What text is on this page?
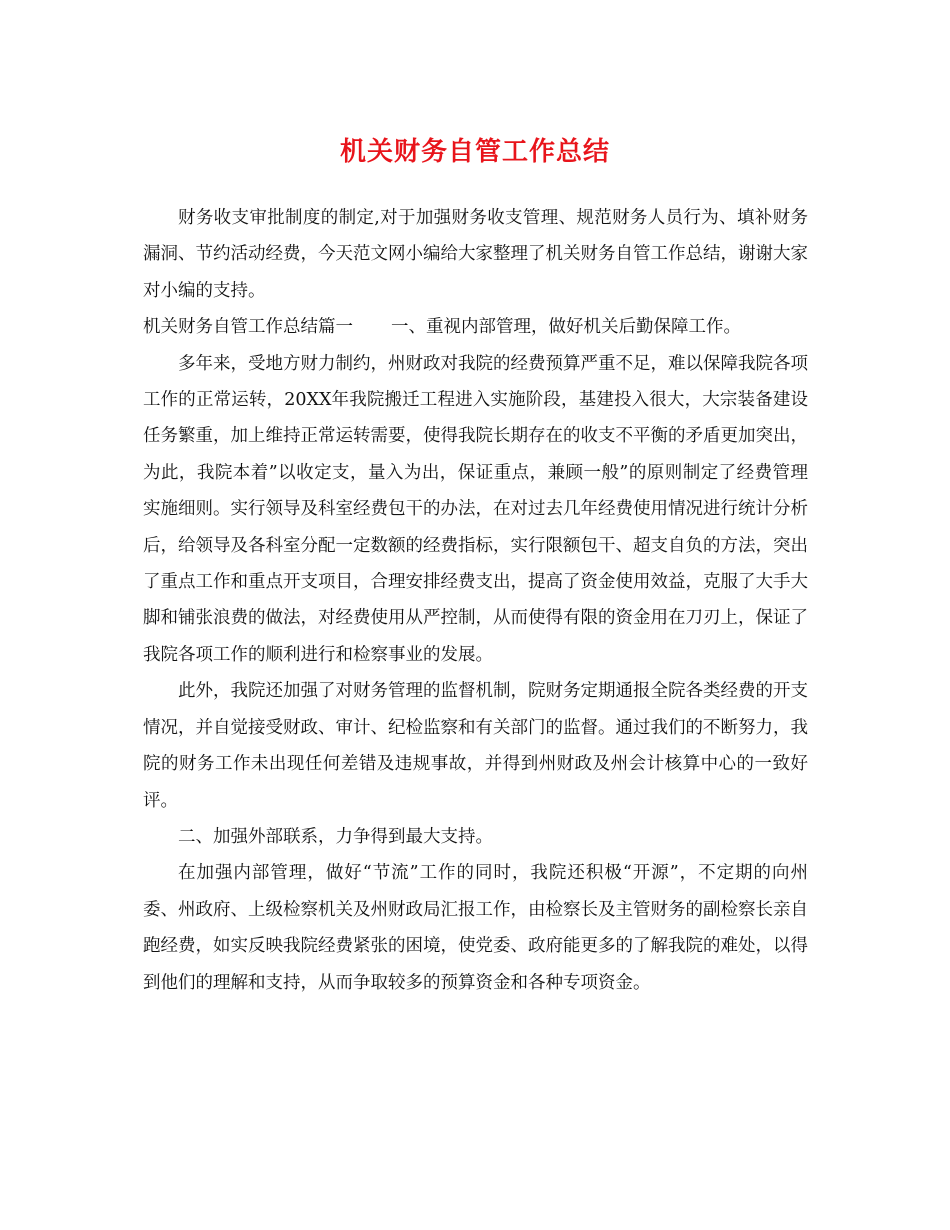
机关财务自管工作总结

财务收支审批制度的制定,对于加强财务收支管理、规范财务人员行为、填补财务漏洞、节约活动经费，今天范文网小编给大家整理了机关财务自管工作总结，谢谢大家对小编的支持。

机关财务自管工作总结篇一 一、重视内部管理，做好机关后勤保障工作。

多年来，受地方财力制约，州财政对我院的经费预算严重不足，难以保障我院各项工作的正常运转，20XX年我院搬迁工程进入实施阶段，基建投入很大，大宗装备建设任务繁重，加上维持正常运转需要，使得我院长期存在的收支不平衡的矛盾更加突出，为此，我院本着”以收定支，量入为出，保证重点，兼顾一般”的原则制定了经费管理实施细则。实行领导及科室经费包干的办法，在对过去几年经费使用情况进行统计分析后，给领导及各科室分配一定数额的经费指标，实行限额包干、超支自负的方法，突出了重点工作和重点开支项目，合理安排经费支出，提高了资金使用效益，克服了大手大脚和铺张浪费的做法，对经费使用从严控制，从而使得有限的资金用在刀刃上，保证了我院各项工作的顺利进行和检察事业的发展。

此外，我院还加强了对财务管理的监督机制，院财务定期通报全院各类经费的开支情况，并自觉接受财政、审计、纪检监察和有关部门的监督。通过我们的不断努力，我院的财务工作未出现任何差错及违规事故，并得到州财政及州会计核算中心的一致好评。

二、加强外部联系，力争得到最大支持。

在加强内部管理，做好“节流”工作的同时，我院还积极“开源”，不定期的向州委、州政府、上级检察机关及州财政局汇报工作，由检察长及主管财务的副检察长亲自跑经费，如实反映我院经费紧张的困境，使党委、政府能更多的了解我院的难处，以得到他们的理解和支持，从而争取较多的预算资金和各种专项资金。
